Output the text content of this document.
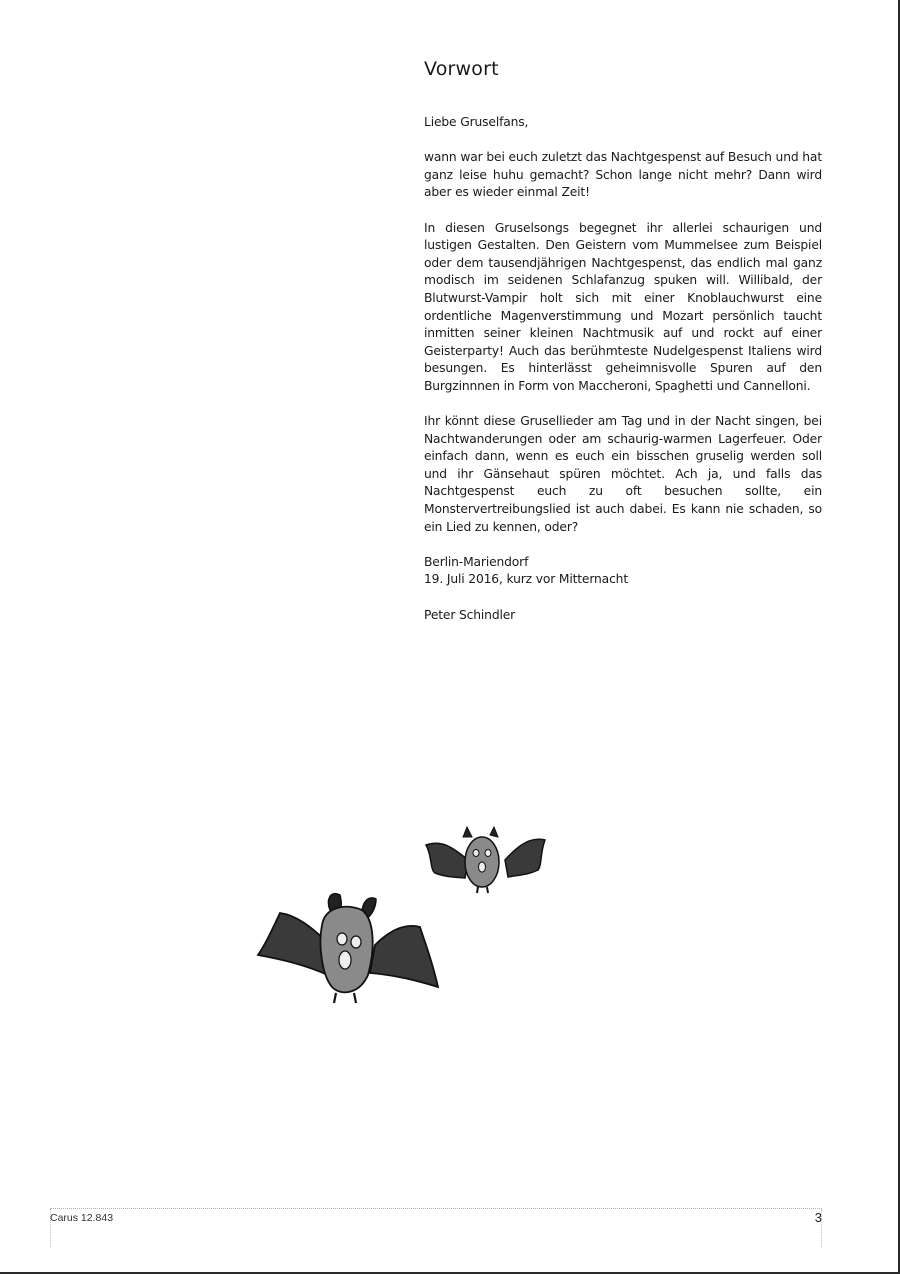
Vorwort

Liebe Gruselfans,

wann war bei euch zuletzt das Nachtgespenst auf Besuch und hat ganz leise huhu gemacht? Schon lange nicht mehr? Dann wird aber es wieder einmal Zeit!

In diesen Gruselsongs begegnet ihr allerlei schaurigen und lustigen Gestalten. Den Geistern vom Mummelsee zum Beispiel oder dem tausendjährigen Nachtgespenst, das endlich mal ganz modisch im seidenen Schlafanzug spuken will. Willibald, der Blutwurst-Vampir holt sich mit einer Knoblauchwurst eine ordentliche Magenverstimmung und Mozart persönlich taucht inmitten seiner kleinen Nachtmusik auf und rockt auf einer Geisterparty! Auch das berühmteste Nudelgespenst Italiens wird besungen. Es hinterlässt geheimnisvolle Spuren auf den Burgzinnnen in Form von Maccheroni, Spaghetti und Cannelloni.

Ihr könnt diese Grusellieder am Tag und in der Nacht singen, bei Nachtwanderungen oder am schaurig-warmen Lagerfeuer. Oder einfach dann, wenn es euch ein bisschen gruselig werden soll und ihr Gänsehaut spüren möchtet. Ach ja, und falls das Nachtgespenst euch zu oft besuchen sollte, ein Monstervertreibungslied ist auch dabei. Es kann nie schaden, so ein Lied zu kennen, oder?

Berlin-Mariendorf
19. Juli 2016, kurz vor Mitternacht

Peter Schindler

Carus 12.843	3
